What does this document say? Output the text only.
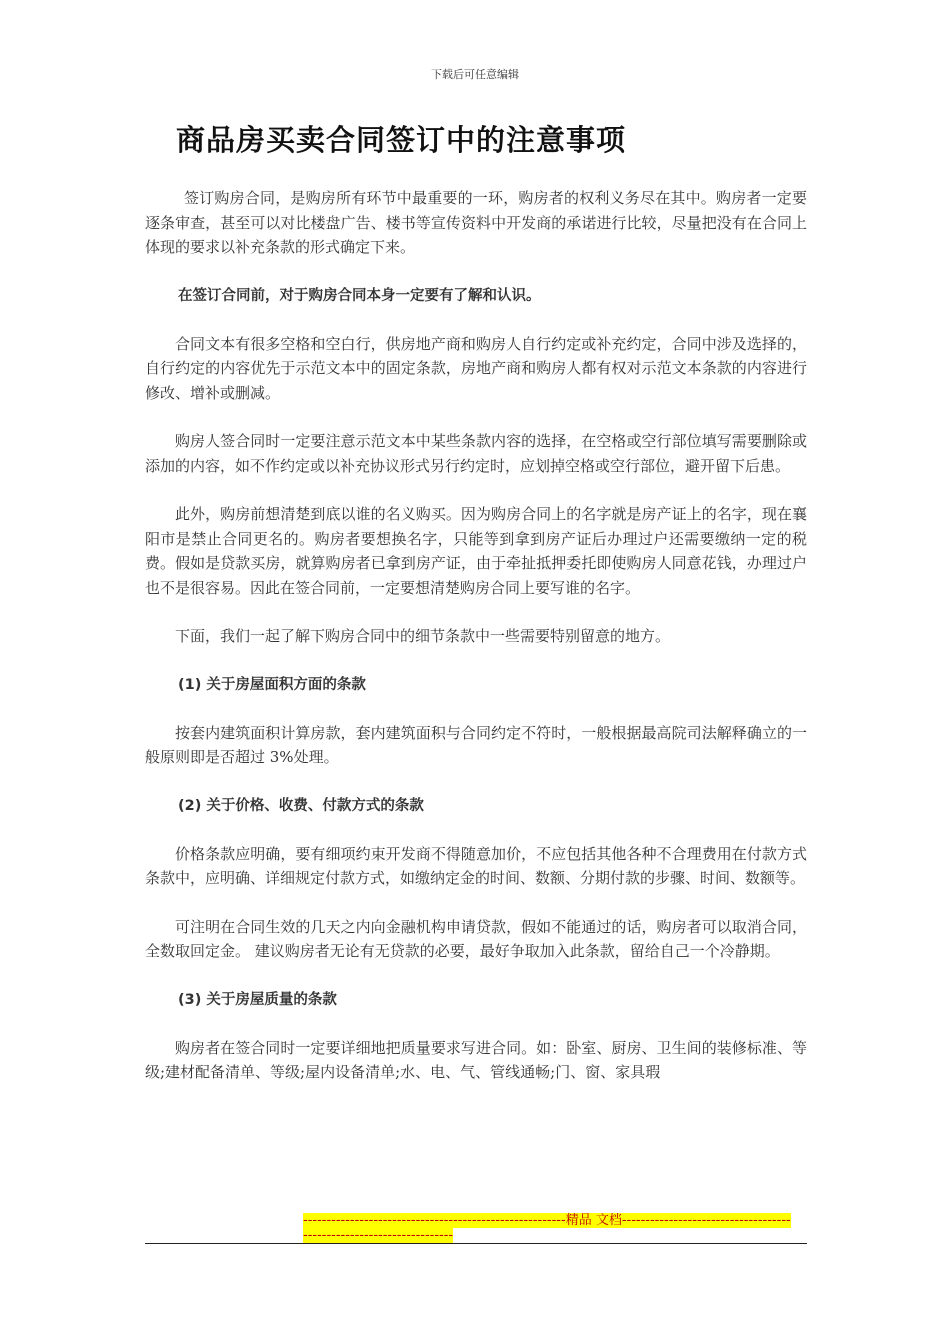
下载后可任意编辑
商品房买卖合同签订中的注意事项

签订购房合同，是购房所有环节中最重要的一环，购房者的权利义务尽在其中。购房者一定要逐条审查，甚至可以对比楼盘广告、楼书等宣传资料中开发商的承诺进行比较，尽量把没有在合同上体现的要求以补充条款的形式确定下来。

在签订合同前，对于购房合同本身一定要有了解和认识。

合同文本有很多空格和空白行，供房地产商和购房人自行约定或补充约定，合同中涉及选择的，自行约定的内容优先于示范文本中的固定条款，房地产商和购房人都有权对示范文本条款的内容进行修改、增补或删减。

购房人签合同时一定要注意示范文本中某些条款内容的选择，在空格或空行部位填写需要删除或添加的内容，如不作约定或以补充协议形式另行约定时，应划掉空格或空行部位，避开留下后患。

此外，购房前想清楚到底以谁的名义购买。因为购房合同上的名字就是房产证上的名字，现在襄阳市是禁止合同更名的。购房者要想换名字，只能等到拿到房产证后办理过户还需要缴纳一定的税费。假如是贷款买房，就算购房者已拿到房产证，由于牵扯抵押委托即使购房人同意花钱，办理过户也不是很容易。因此在签合同前，一定要想清楚购房合同上要写谁的名字。

下面，我们一起了解下购房合同中的细节条款中一些需要特别留意的地方。

(1) 关于房屋面积方面的条款

按套内建筑面积计算房款，套内建筑面积与合同约定不符时，一般根据最高院司法解释确立的一般原则即是否超过 3%处理。

(2) 关于价格、收费、付款方式的条款

价格条款应明确，要有细项约束开发商不得随意加价，不应包括其他各种不合理费用在付款方式条款中，应明确、详细规定付款方式，如缴纳定金的时间、数额、分期付款的步骤、时间、数额等。

可注明在合同生效的几天之内向金融机构申请贷款，假如不能通过的话，购房者可以取消合同，全数取回定金。 建议购房者无论有无贷款的必要，最好争取加入此条款，留给自己一个冷静期。

(3) 关于房屋质量的条款

购房者在签合同时一定要详细地把质量要求写进合同。如：卧室、厨房、卫生间的装修标准、等级;建材配备清单、等级;屋内设备清单;水、电、气、管线通畅;门、窗、家具瑕

--------------------------------------------------------精品 文档--------------------------------------------------------------------
